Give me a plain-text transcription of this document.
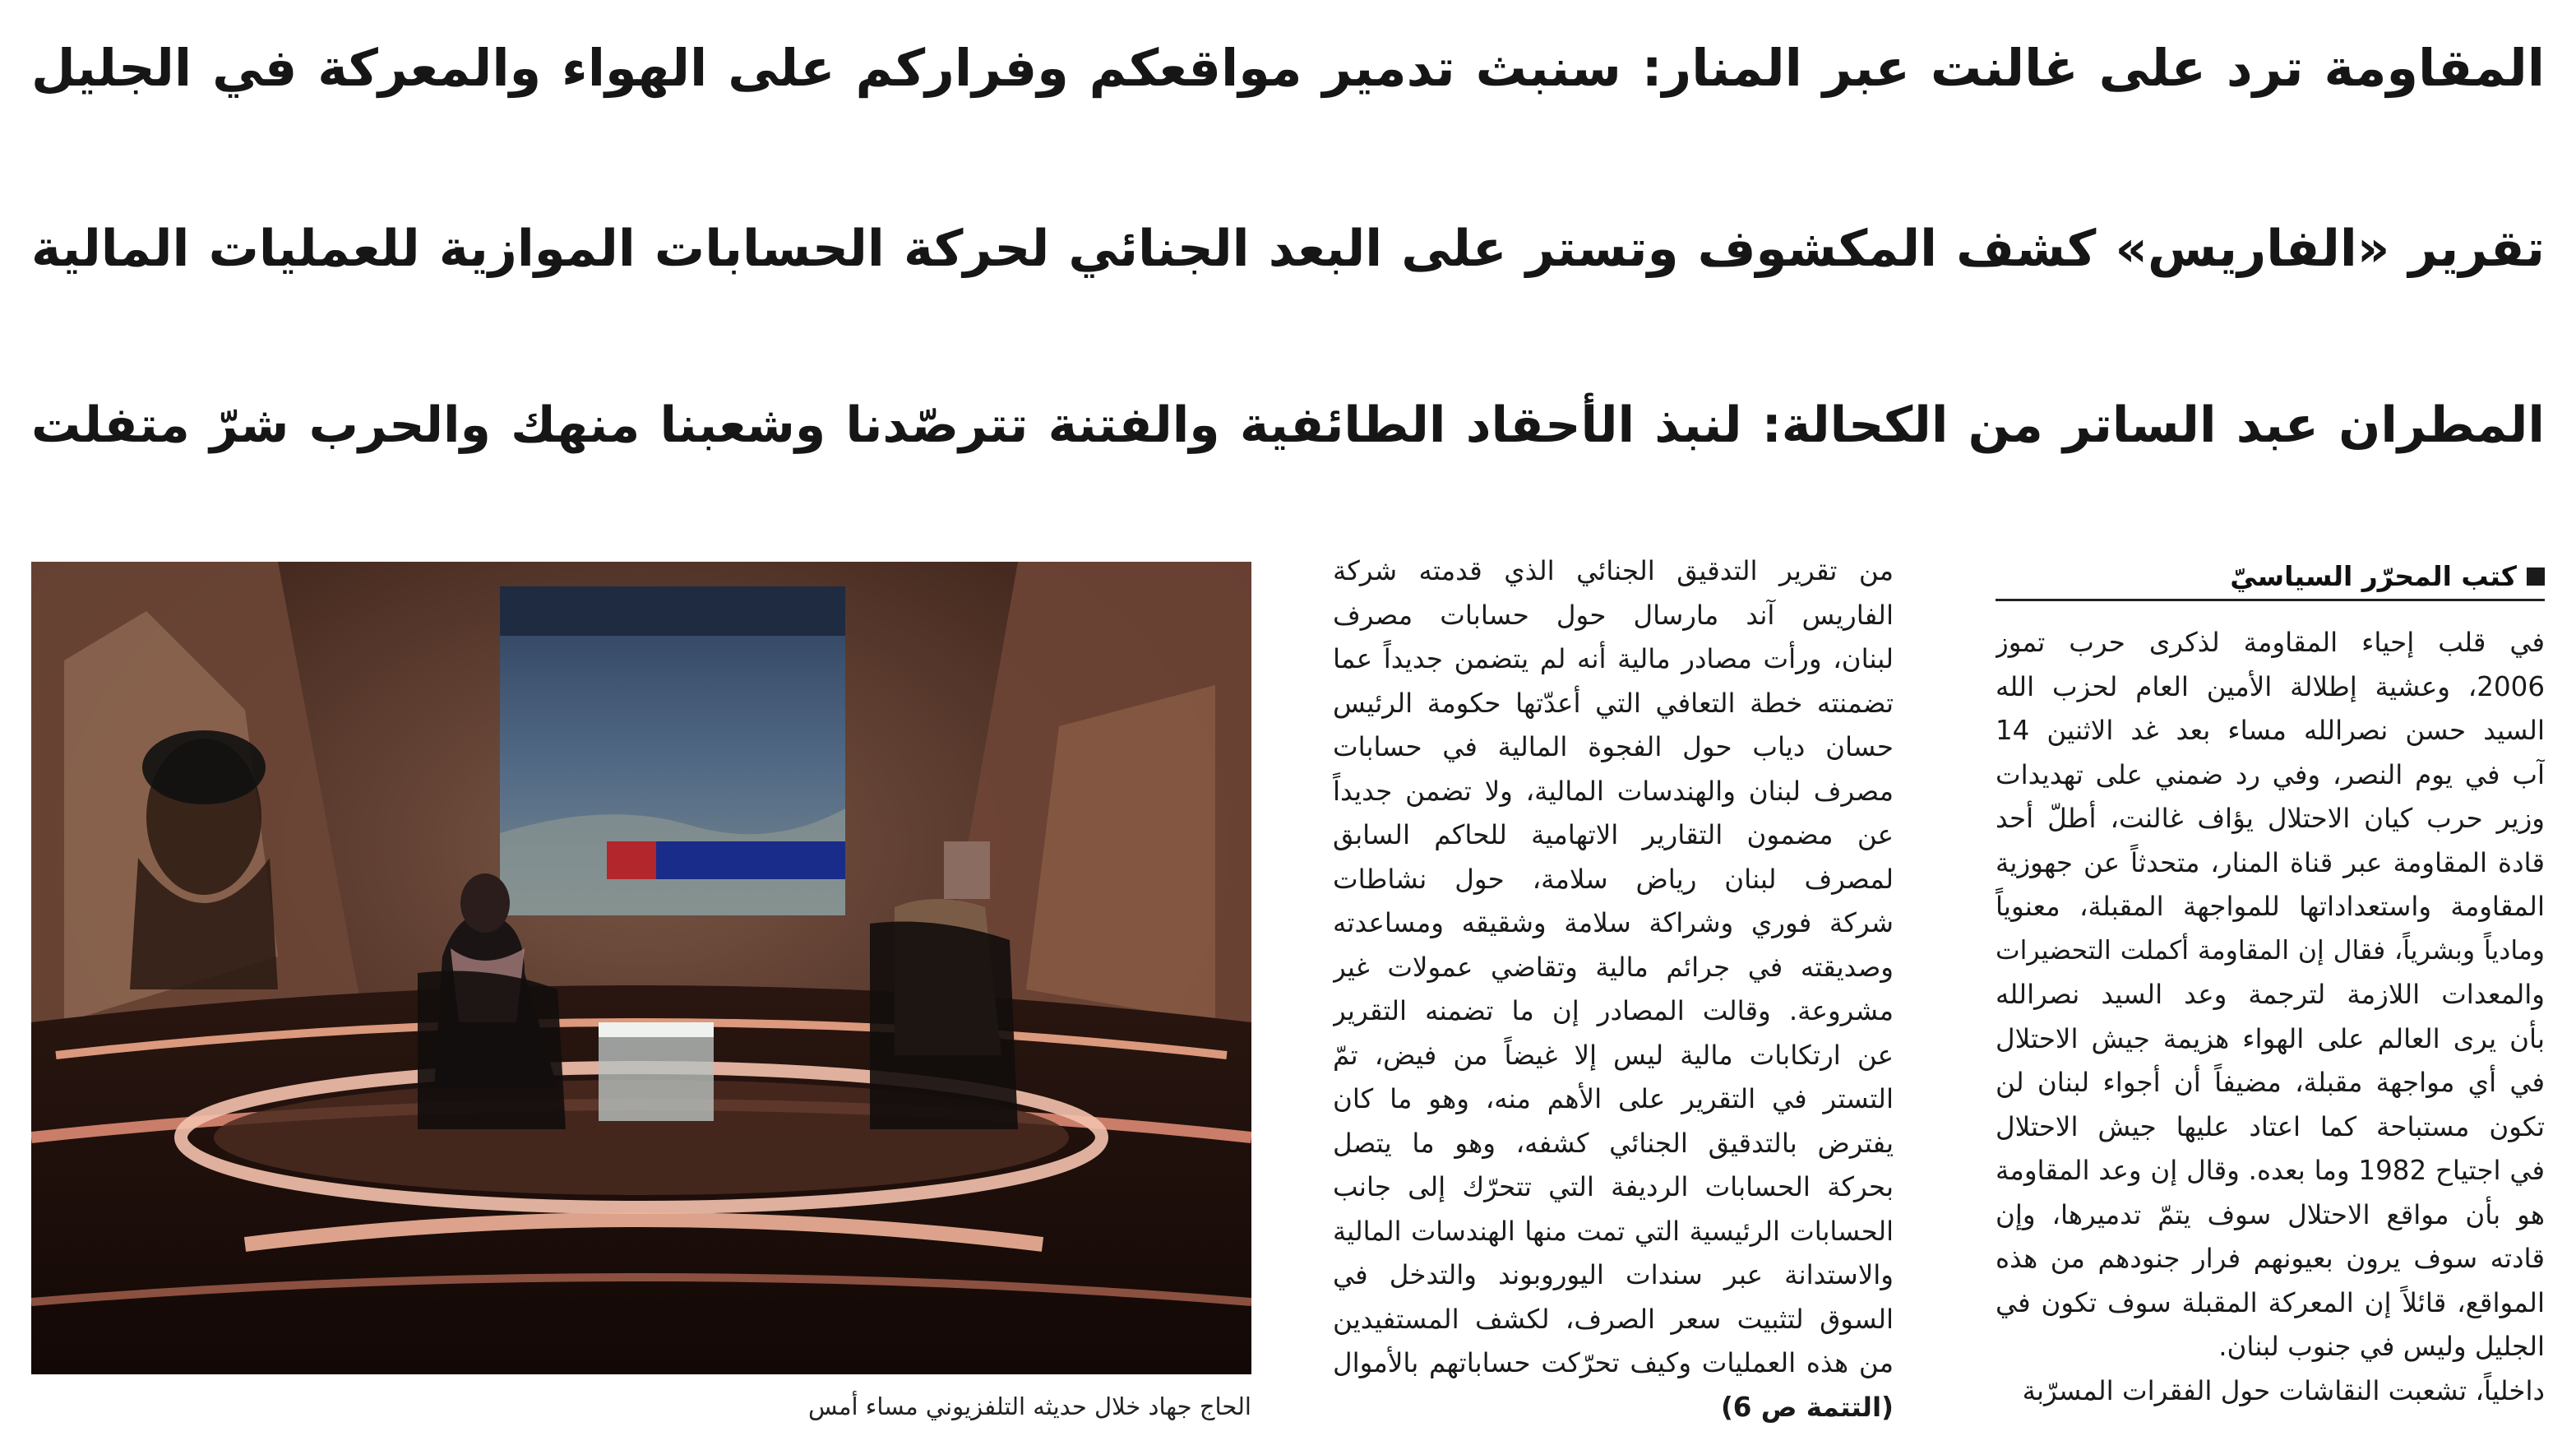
المقاومة ترد على غالنت عبر المنار: سنبث تدمير مواقعكم وفراركم على الهواء والمعركة في الجليل
تقرير «الفاريس» كشف المكشوف وتستر على البعد الجنائي لحركة الحسابات الموازية للعمليات المالية
المطران عبد الساتر من الكحالة: لنبذ الأحقاد الطائفية والفتنة تترصّدنا وشعبنا منهك والحرب شرّ متفلت
كتب المحرّر السياسيّ
في قلب إحياء المقاومة لذكرى حرب تموز
2006، وعشية إطلالة الأمين العام لحزب الله
السيد حسن نصرالله مساء بعد غد الاثنين 14
آب في يوم النصر، وفي رد ضمني على تهديدات
وزير حرب كيان الاحتلال يؤاف غالنت، أطلّ أحد
قادة المقاومة عبر قناة المنار، متحدثاً عن جهوزية
المقاومة واستعداداتها للمواجهة المقبلة، معنوياً
ومادياً وبشرياً، فقال إن المقاومة أكملت التحضيرات
والمعدات اللازمة لترجمة وعد السيد نصرالله
بأن يرى العالم على الهواء هزيمة جيش الاحتلال
في أي مواجهة مقبلة، مضيفاً أن أجواء لبنان لن
تكون مستباحة كما اعتاد عليها جيش الاحتلال
في اجتياح 1982 وما بعده. وقال إن وعد المقاومة
هو بأن مواقع الاحتلال سوف يتمّ تدميرها، وإن
قادته سوف يرون بعيونهم فرار جنودهم من هذه
المواقع، قائلاً إن المعركة المقبلة سوف تكون في
الجليل وليس في جنوب لبنان.
داخلياً، تشعبت النقاشات حول الفقرات المسرّبة
من تقرير التدقيق الجنائي الذي قدمته شركة
الفاريس آند مارسال حول حسابات مصرف
لبنان، ورأت مصادر مالية أنه لم يتضمن جديداً عما
تضمنته خطة التعافي التي أعدّتها حكومة الرئيس
حسان دياب حول الفجوة المالية في حسابات
مصرف لبنان والهندسات المالية، ولا تضمن جديداً
عن مضمون التقارير الاتهامية للحاكم السابق
لمصرف لبنان رياض سلامة، حول نشاطات
شركة فوري وشراكة سلامة وشقيقه ومساعدته
وصديقته في جرائم مالية وتقاضي عمولات غير
مشروعة. وقالت المصادر إن ما تضمنه التقرير
عن ارتكابات مالية ليس إلا غيضاً من فيض، تمّ
التستر في التقرير على الأهم منه، وهو ما كان
يفترض بالتدقيق الجنائي كشفه، وهو ما يتصل
بحركة الحسابات الرديفة التي تتحرّك إلى جانب
الحسابات الرئيسية التي تمت منها الهندسات المالية
والاستدانة عبر سندات اليوروبوند والتدخل في
السوق لتثبيت سعر الصرف، لكشف المستفيدين
من هذه العمليات وكيف تحرّكت حساباتهم بالأموال
(التتمة ص 6)
الحاج جهاد خلال حديثه التلفزيوني مساء أمس
